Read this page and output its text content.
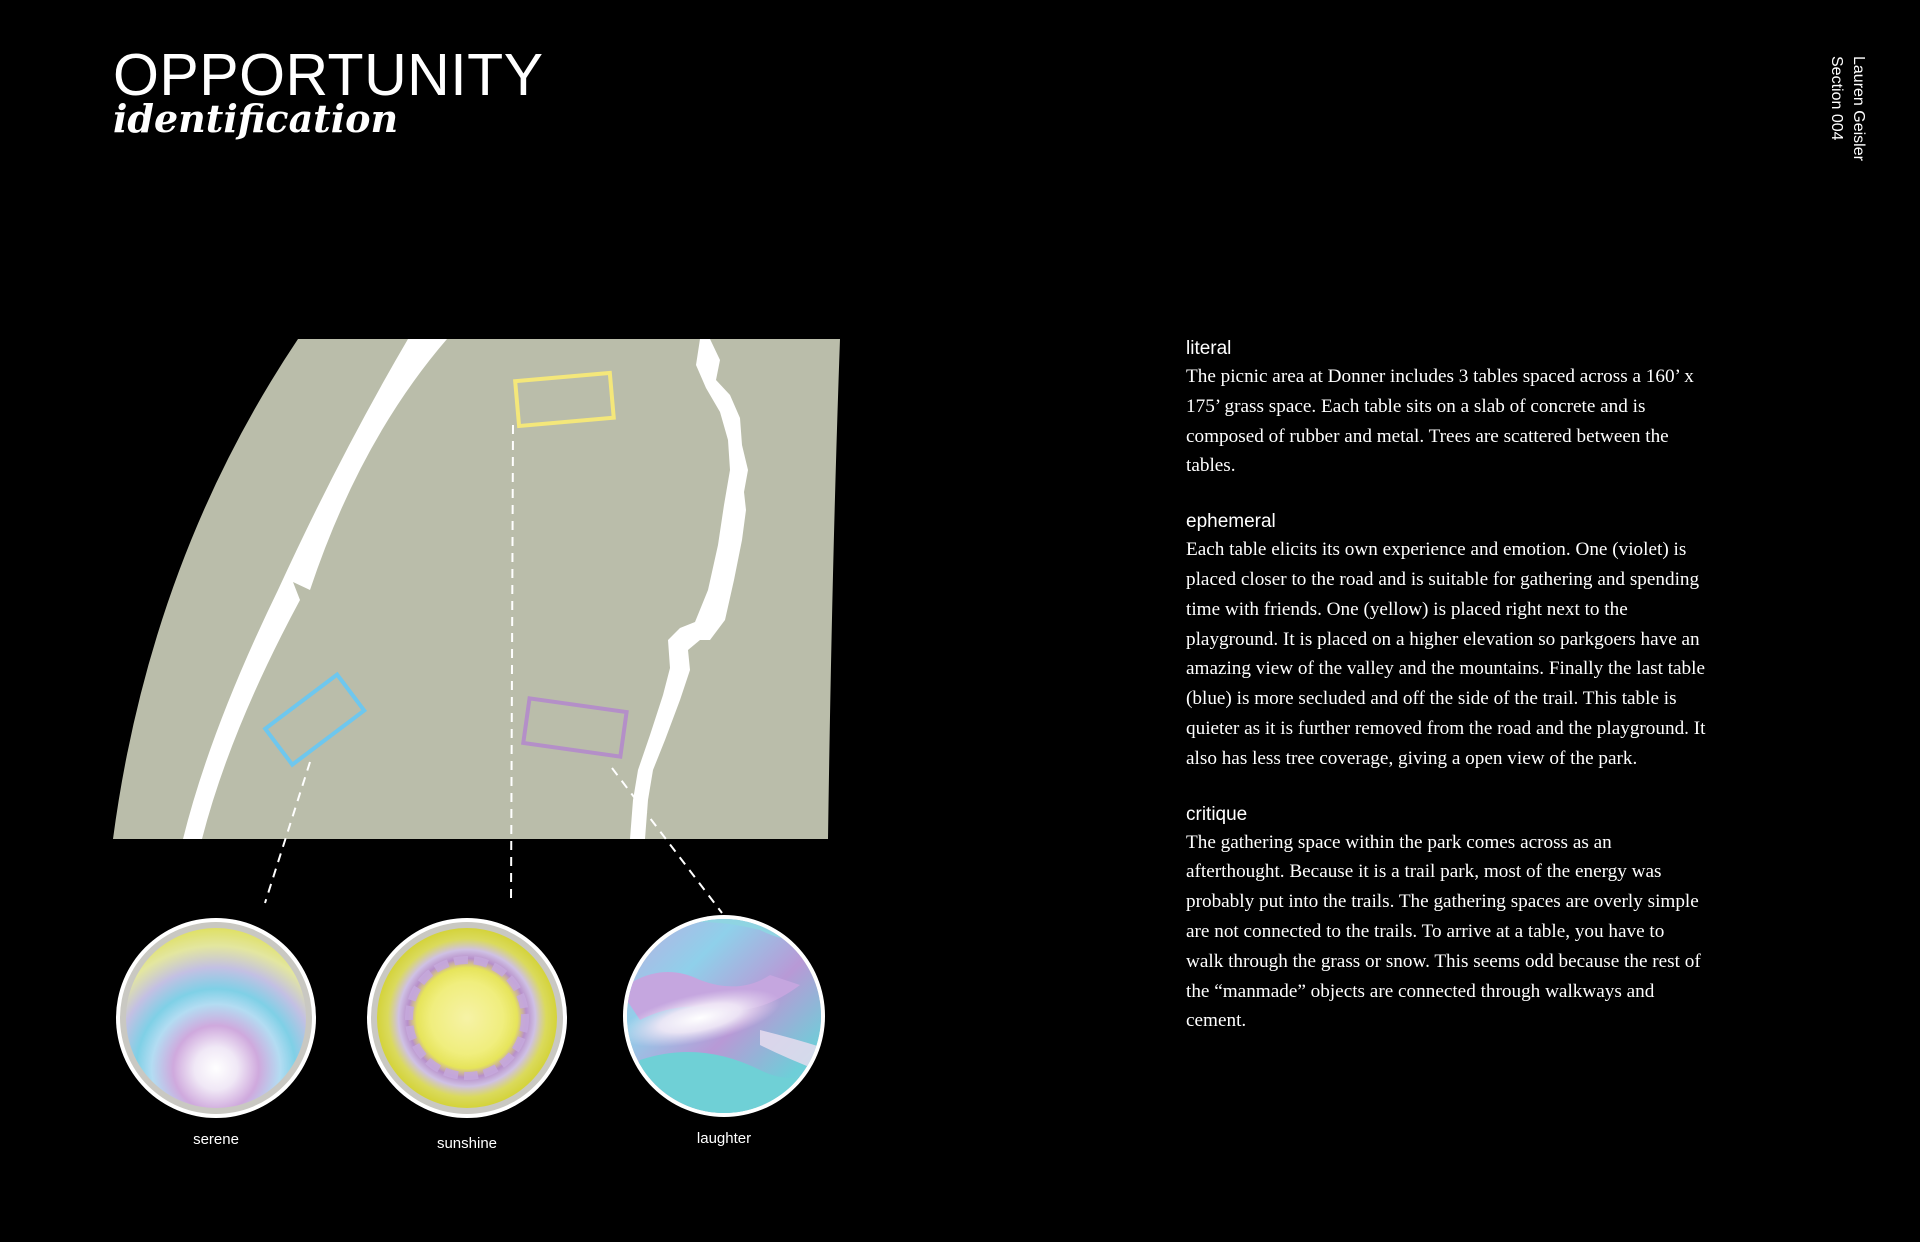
OPPORTUNITY
identification	Lauren Geisler
Section 004
serene	sunshine	laughter
literal
The picnic area at Donner includes 3 tables spaced across a 160’ x 175’ grass space. Each table sits on a slab of concrete and is composed of rubber and metal. Trees are scattered between the tables.
ephemeral
Each table elicits its own experience and emotion. One (violet) is placed closer to the road and is suitable for gathering and spending time with friends. One (yellow) is placed right next to the playground. It is placed on a higher elevation so parkgoers have an amazing view of the valley and the mountains. Finally the last table (blue) is more secluded and off the side of the trail. This table is quieter as it is further removed from the road and the playground. It also has less tree coverage, giving a open view of the park.
critique
The gathering space within the park comes across as an afterthought. Because it is a trail park, most of the energy was probably put into the trails. The gathering spaces are overly simple are not connected to the trails. To arrive at a table, you have to walk through the grass or snow. This seems odd because the rest of the “manmade” objects are connected through walkways and cement.
